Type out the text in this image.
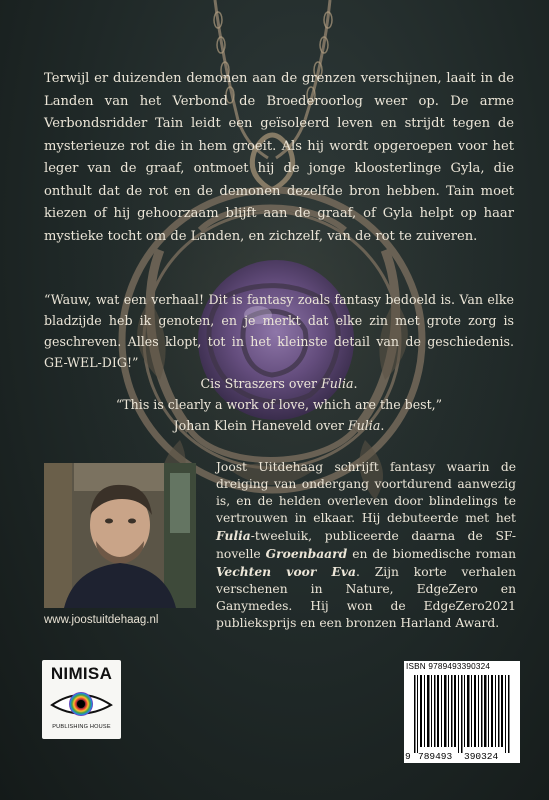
Terwijl er duizenden demonen aan de grenzen verschijnen, laait in de Landen van het Verbond de Broederoorlog weer op. De arme Verbondsridder Tain leidt een geïsoleerd leven en strijdt tegen de mysterieuze rot die in hem groeit. Als hij wordt opgeroepen voor het leger van de graaf, ontmoet hij de jonge kloosterlinge Gyla, die onthult dat de rot en de demonen dezelfde bron hebben. Tain moet kiezen of hij gehoorzaam blijft aan de graaf, of Gyla helpt op haar mystieke tocht om de Landen, en zichzelf, van de rot te zuiveren.
“Wauw, wat een verhaal! Dit is fantasy zoals fantasy bedoeld is. Van elke bladzijde heb ik genoten, en je merkt dat elke zin met grote zorg is geschreven. Alles klopt, tot in het kleinste detail van de geschiedenis. GE-WEL-DIG!”
Cis Straszers over Fulia.
“This is clearly a work of love, which are the best,”
Johan Klein Haneveld over Fulia.
www.joostuitdehaag.nl
Joost Uitdehaag schrijft fantasy waarin de dreiging van ondergang voortdurend aanwezig is, en de helden overleven door blindelings te vertrouwen in elkaar. Hij debuteerde met het Fulia-tweeluik, publiceerde daarna de SF-novelle Groenbaard en de biomedische roman Vechten voor Eva. Zijn korte verhalen verschenen in Nature, EdgeZero en Ganymedes. Hij won de EdgeZero2021 publieksprijs en een bronzen Harland Award.
NIMISA
PUBLISHING HOUSE
ISBN 9789493390324
9 789493 390324
